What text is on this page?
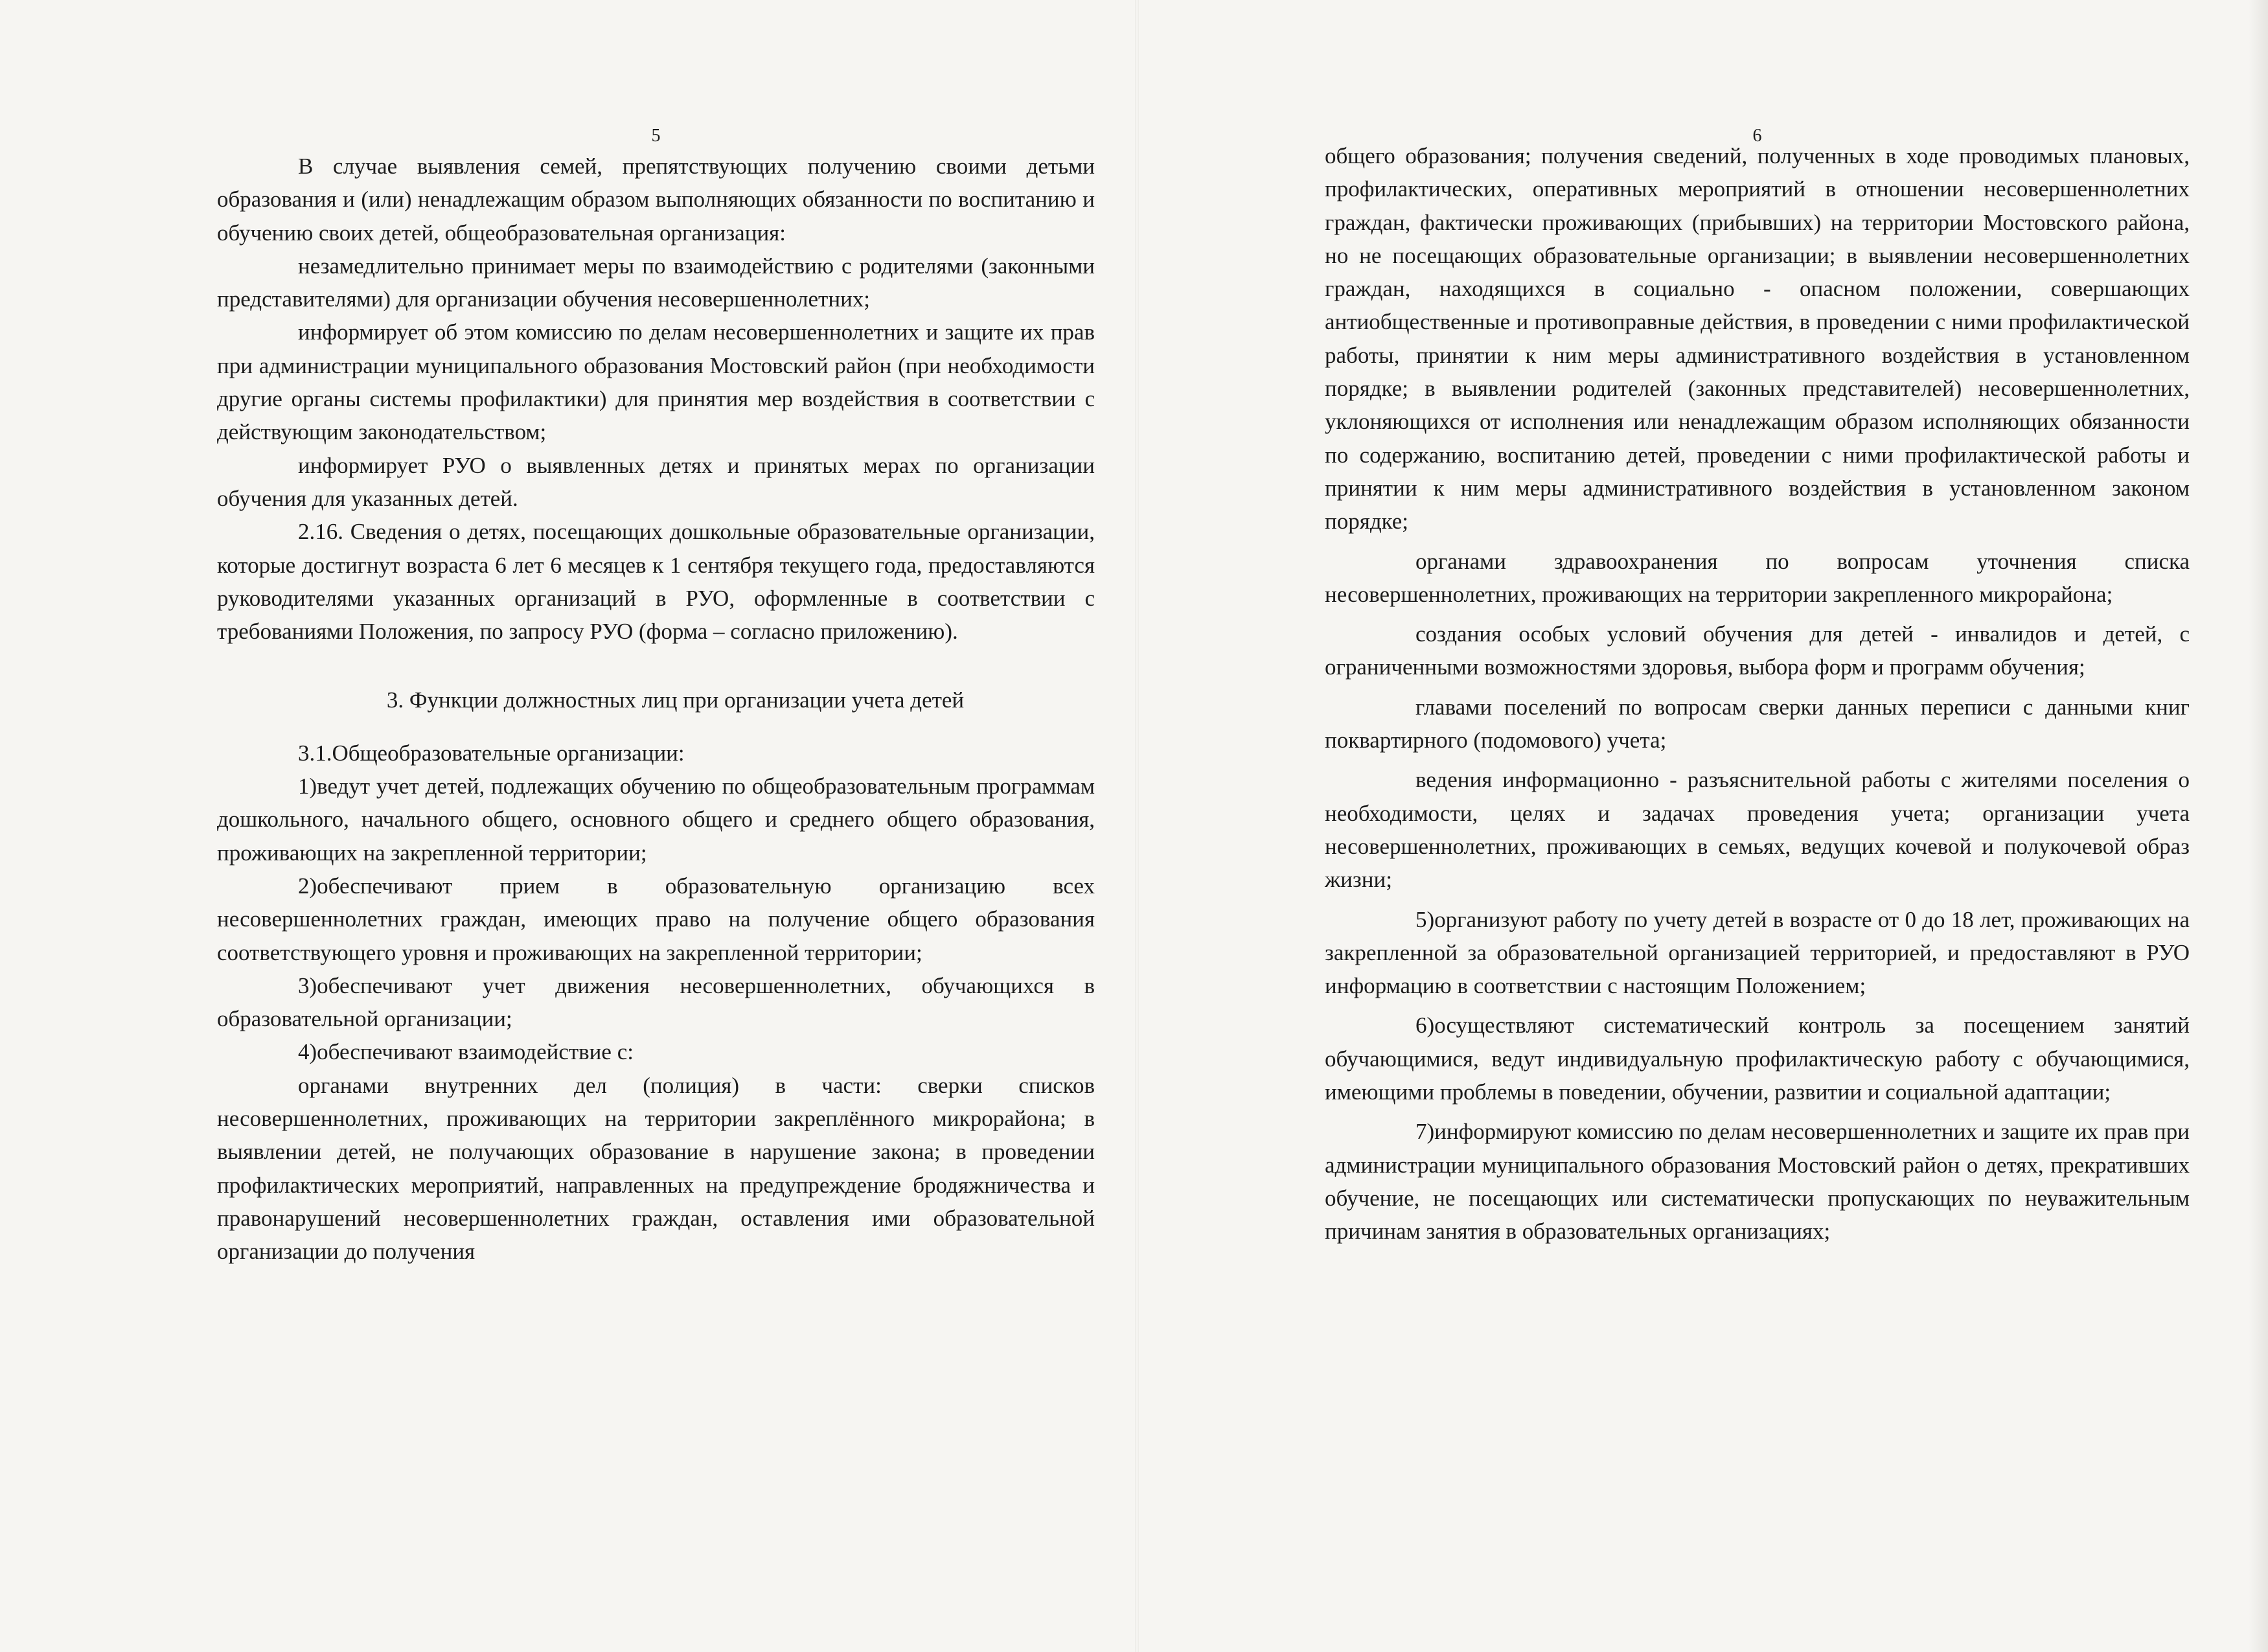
5

В случае выявления семей, препятствующих получению своими детьми образования и (или) ненадлежащим образом выполняющих обязанности по воспитанию и обучению своих детей, общеобразовательная организация:

незамедлительно принимает меры по взаимодействию с родителями (законными представителями) для организации обучения несовершеннолетних;

информирует об этом комиссию по делам несовершеннолетних и защите их прав при администрации муниципального образования Мостовский район (при необходимости другие органы системы профилактики) для принятия мер воздействия в соответствии с действующим законодательством;

информирует РУО о выявленных детях и принятых мерах по организации обучения для указанных детей.

2.16. Сведения о детях, посещающих дошкольные образовательные организации, которые достигнут возраста 6 лет 6 месяцев к 1 сентября текущего года, предоставляются руководителями указанных организаций в РУО, оформленные в соответствии с требованиями Положения, по запросу РУО (форма – согласно приложению).

3. Функции должностных лиц при организации учета детей

3.1.Общеобразовательные организации:

1)ведут учет детей, подлежащих обучению по общеобразовательным программам дошкольного, начального общего, основного общего и среднего общего образования, проживающих на закрепленной территории;

2)обеспечивают прием в образовательную организацию всех несовершеннолетних граждан, имеющих право на получение общего образования соответствующего уровня и проживающих на закрепленной территории;

3)обеспечивают учет движения несовершеннолетних, обучающихся в образовательной организации;

4)обеспечивают взаимодействие с:

органами внутренних дел (полиция) в части: сверки списков несовершеннолетних, проживающих на территории закреплённого микрорайона; в выявлении детей, не получающих образование в нарушение закона; в проведении профилактических мероприятий, направленных на предупреждение бродяжничества и правонарушений несовершеннолетних граждан, оставления ими образовательной организации до получения

6

общего образования; получения сведений, полученных в ходе проводимых плановых, профилактических, оперативных мероприятий в отношении несовершеннолетних граждан, фактически проживающих (прибывших) на территории Мостовского района, но не посещающих образовательные организации; в выявлении несовершеннолетних граждан, находящихся в социально - опасном положении, совершающих антиобщественные и противоправные действия, в проведении с ними профилактической работы, принятии к ним меры административного воздействия в установленном порядке; в выявлении родителей (законных представителей) несовершеннолетних, уклоняющихся от исполнения или ненадлежащим образом исполняющих обязанности по содержанию, воспитанию детей, проведении с ними профилактической работы и принятии к ним меры административного воздействия в установленном законом порядке;

органами здравоохранения по вопросам уточнения списка несовершеннолетних, проживающих на территории закрепленного микрорайона;

создания особых условий обучения для детей - инвалидов и детей, с ограниченными возможностями здоровья, выбора форм и программ обучения;

главами поселений по вопросам сверки данных переписи с данными книг поквартирного (подомового) учета;

ведения информационно - разъяснительной работы с жителями поселения о необходимости, целях и задачах проведения учета; организации учета несовершеннолетних, проживающих в семьях, ведущих кочевой и полукочевой образ жизни;

5)организуют работу по учету детей в возрасте от 0 до 18 лет, проживающих на закрепленной за образовательной организацией территорией, и предоставляют в РУО информацию в соответствии с настоящим Положением;

6)осуществляют систематический контроль за посещением занятий обучающимися, ведут индивидуальную профилактическую работу с обучающимися, имеющими проблемы в поведении, обучении, развитии и социальной адаптации;

7)информируют комиссию по делам несовершеннолетних и защите их прав при администрации муниципального образования Мостовский район о детях, прекративших обучение, не посещающих или систематически пропускающих по неуважительным причинам занятия в образовательных организациях;
